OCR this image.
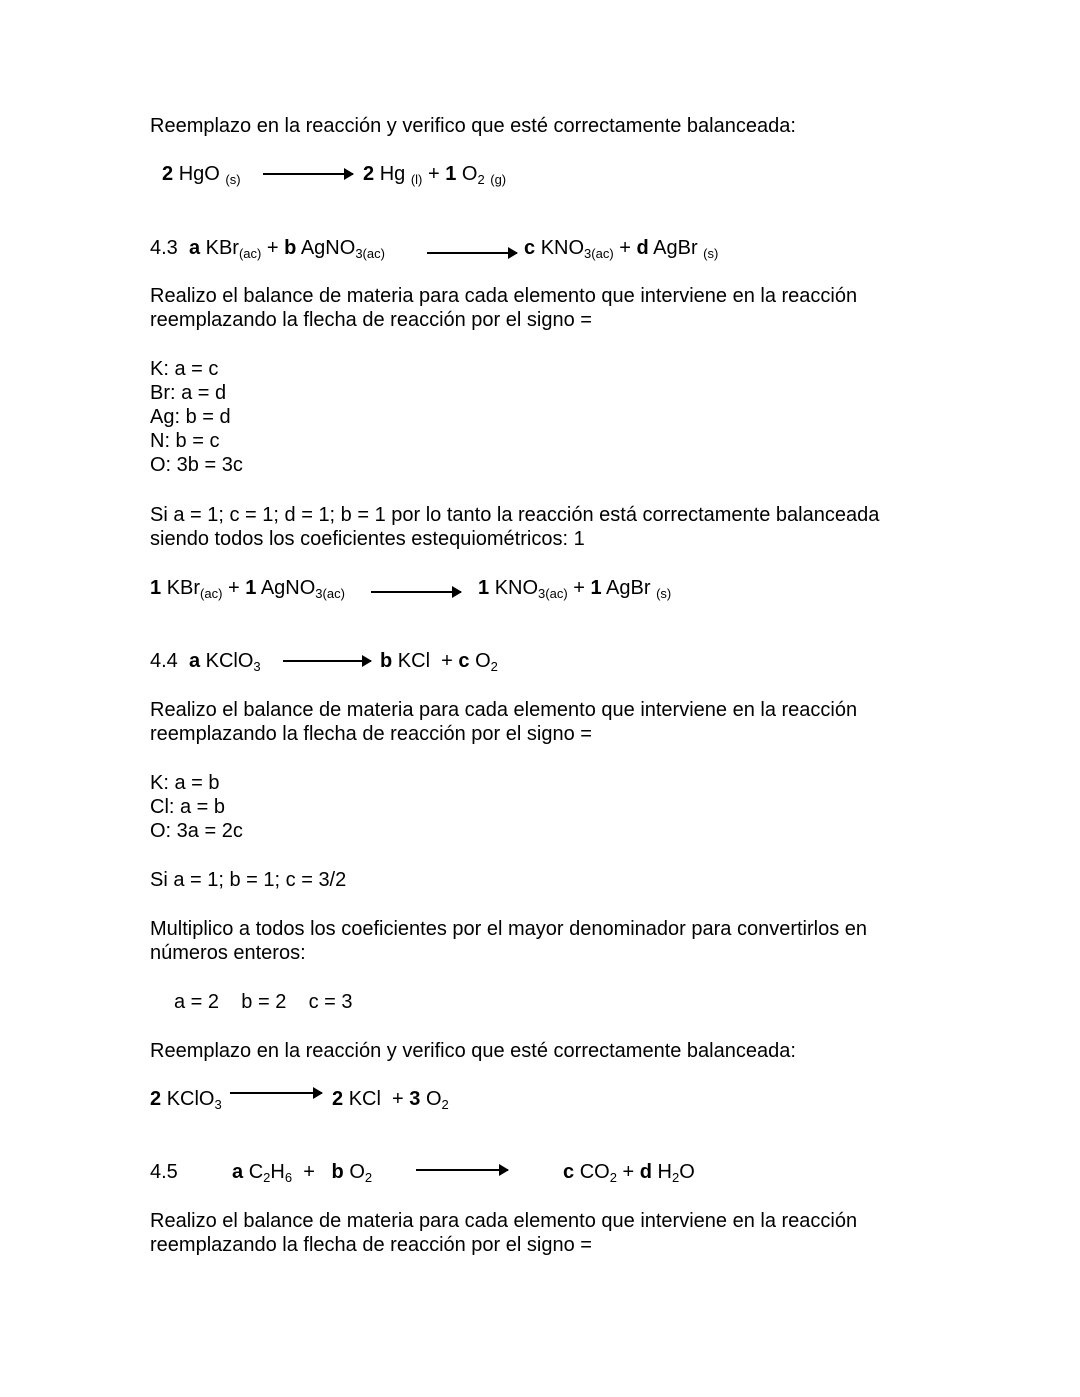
Reemplazo en la reacción y verifico que esté correctamente balanceada:
2 HgO $_{(s)}$	2 Hg $_{(l)}$ + 1 $O_2$ $_{(g)}$
4.3 a KBr$_{(ac)}$ + b AgNO$_{3(ac)}$	c $KNO_{3(ac)} + d$ AgBr $_{(s)}$
Realizo el balance de materia para cada elemento que interviene en la reacción
reemplazando la flecha de reacción por el signo =
K: a = c
Br: a = d
Ag: b = d
N: b = c
O: 3b = 3c
Si a = 1; c = 1; d = 1; b = 1 por lo tanto la reacción está correctamente balanceada
siendo todos los coeficientes estequiométricos: 1
1 KBr$_{(ac)}$ + 1 AgNO$_{3(ac)}$	1 $KNO_{3(ac)} + 1$ AgBr $_{(s)}$
4.4 a KClO$_3$	b KCl + c $O_2$
Realizo el balance de materia para cada elemento que interviene en la reacción
reemplazando la flecha de reacción por el signo =
K: a = b
Cl: a = b
O: 3a = 2c
Si a = 1; b = 1; c = 3/2
Multiplico a todos los coeficientes por el mayor denominador para convertirlos en
números enteros:
a = 2 b = 2 c = 3
Reemplazo en la reacción y verifico que esté correctamente balanceada:
2 KClO$_3$	2 KCl + 3 $O_2$
4.5	a $C_2H_6 + b$ $O_2$	c $CO_2 + d$ $H_2O$
Realizo el balance de materia para cada elemento que interviene en la reacción
reemplazando la flecha de reacción por el signo =
